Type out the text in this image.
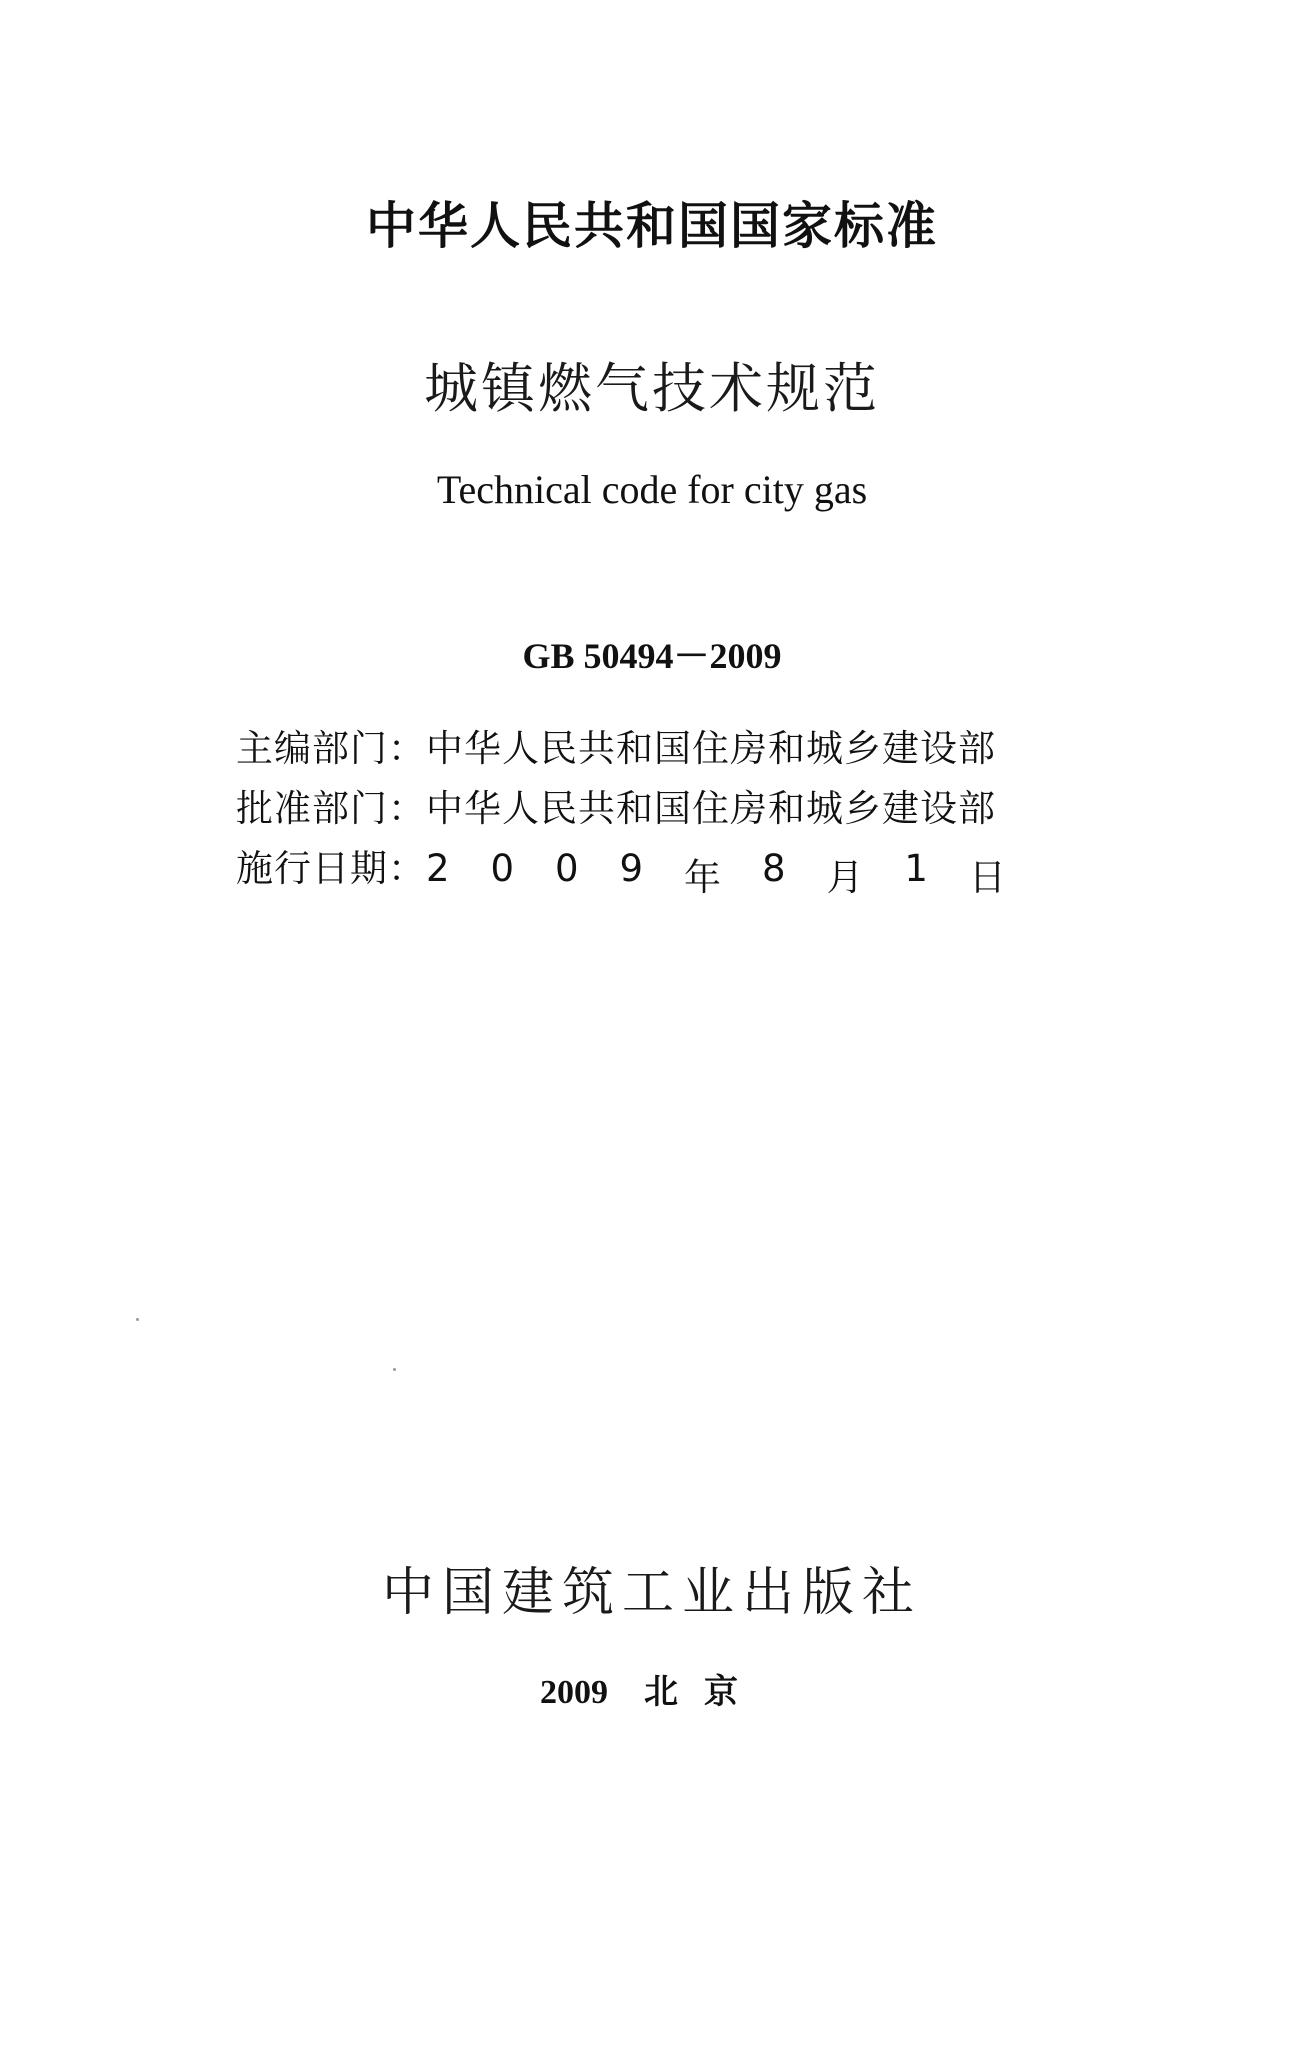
中华人民共和国国家标准
城镇燃气技术规范
Technical code for city gas
GB 50494－2009
主编部门： 中华人民共和国住房和城乡建设部
批准部门： 中华人民共和国住房和城乡建设部
施行日期： 2 0 0 9 年 8 月 1 日
中国建筑工业出版社
2009 北京
